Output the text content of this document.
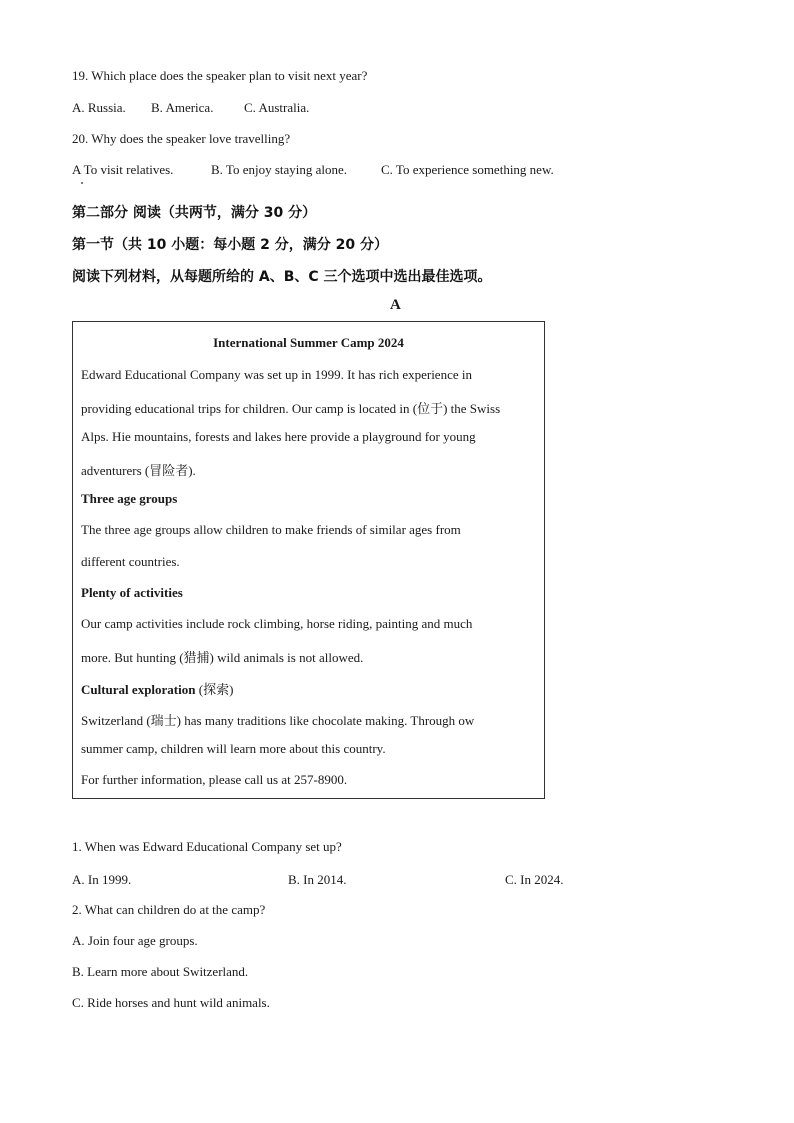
19. Which place does the speaker plan to visit next year?
A. Russia. B. America. C. Australia.
20. Why does the speaker love travelling?
A To visit relatives.	B. To enjoy staying alone.	C. To experience something new.
第二部分 阅读（共两节，满分 30 分）
第一节（共 10 小题：每小题 2 分，满分 20 分）
阅读下列材料，从每题所给的 A、B、C 三个选项中选出最佳选项。
A
International Summer Camp 2024
Edward Educational Company was set up in 1999. It has rich experience in
providing educational trips for children. Our camp is located in (位于) the Swiss
Alps. Hie mountains, forests and lakes here provide a playground for young
adventurers (冒险者).
Three age groups
The three age groups allow children to make friends of similar ages from
different countries.
Plenty of activities
Our camp activities include rock climbing, horse riding, painting and much
more. But hunting (猎捕) wild animals is not allowed.
Cultural exploration (探索)
Switzerland (瑞士) has many traditions like chocolate making. Through ow
summer camp, children will learn more about this country.
For further information, please call us at 257-8900.
1. When was Edward Educational Company set up?
A. In 1999.	B. In 2014.	C. In 2024.
2. What can children do at the camp?
A. Join four age groups.
B. Learn more about Switzerland.
C. Ride horses and hunt wild animals.
